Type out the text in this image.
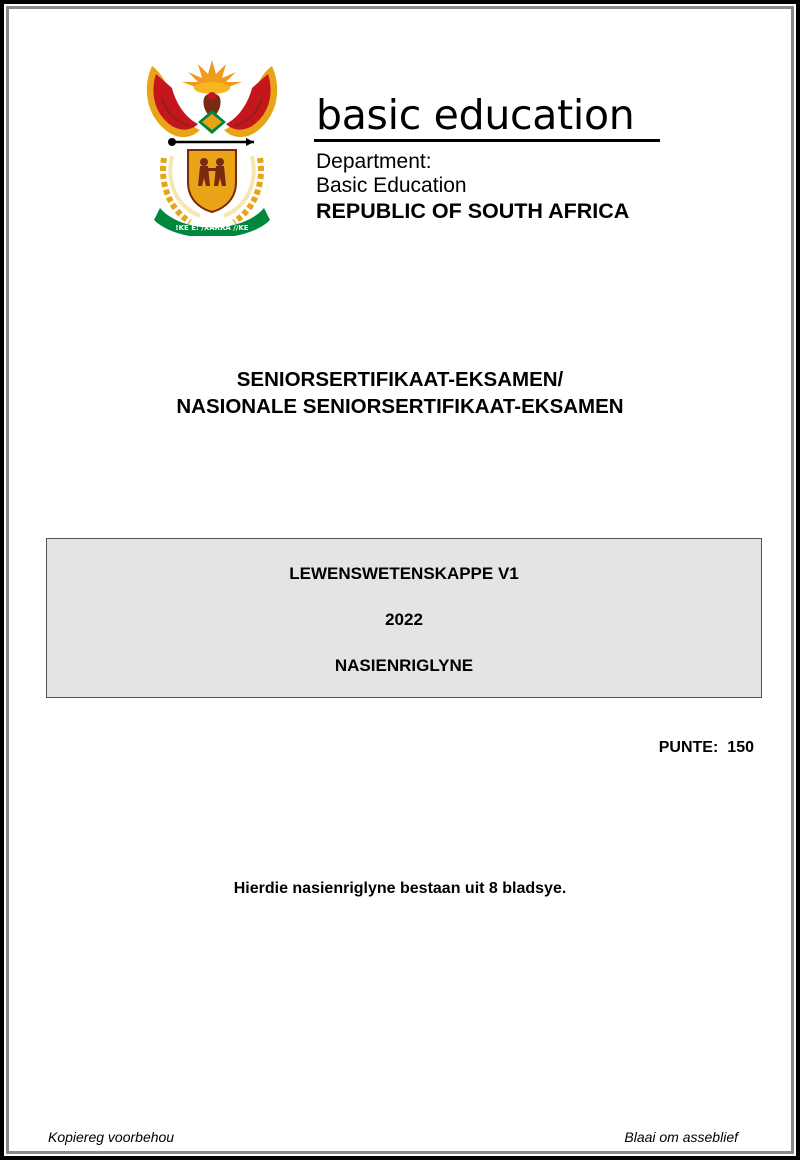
!KE E: /XARRA //KE
basic education
Department:
Basic Education
REPUBLIC OF SOUTH AFRICA
SENIORSERTIFIKAAT-EKSAMEN/
NASIONALE SENIORSERTIFIKAAT-EKSAMEN
LEWENSWETENSKAPPE V1
2022
NASIENRIGLYNE
PUNTE: 150
Hierdie nasienriglyne bestaan uit 8 bladsye.
Kopiereg voorbehou	Blaai om asseblief
